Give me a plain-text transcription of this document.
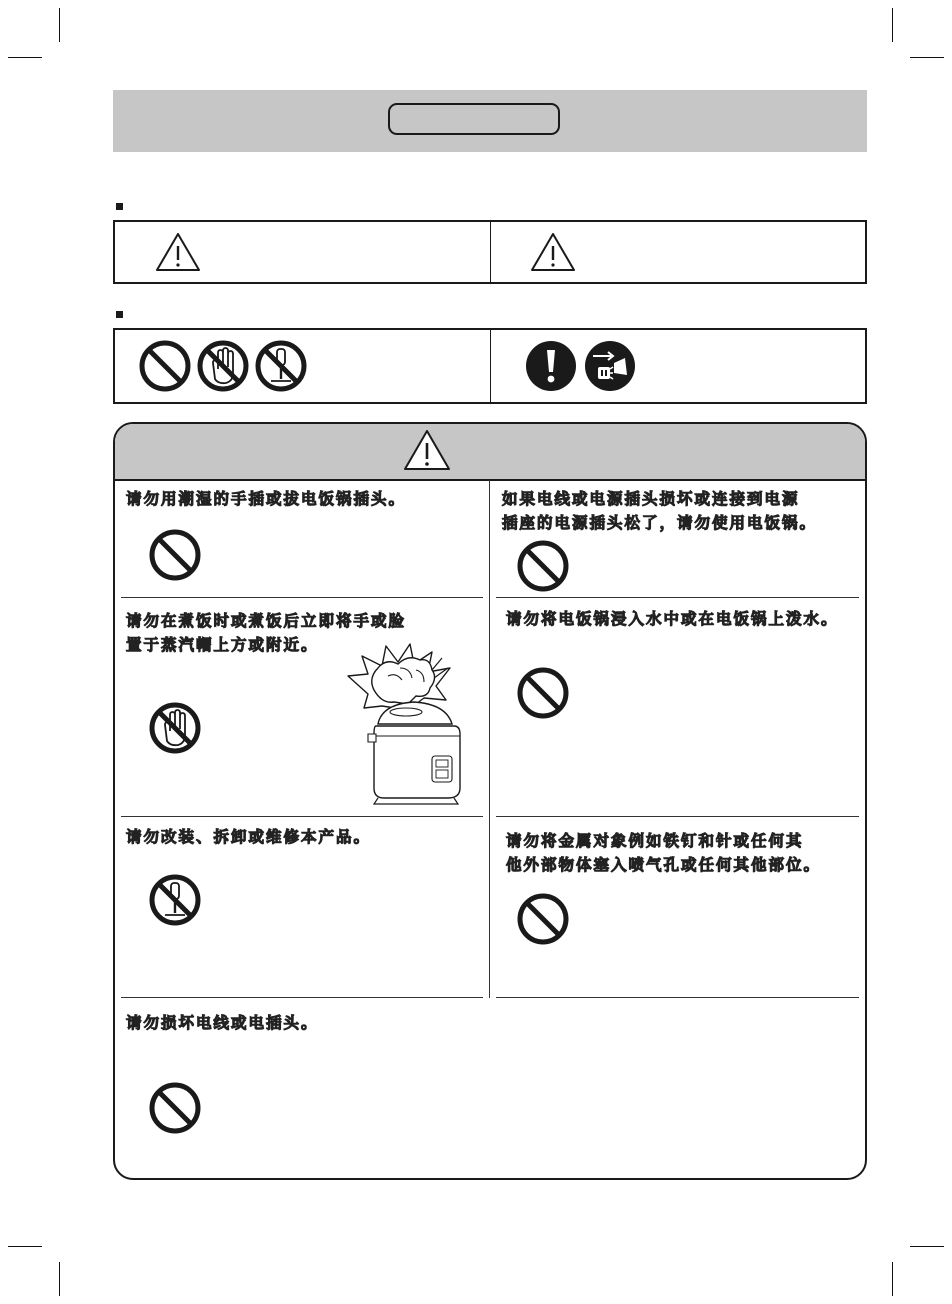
请勿用潮湿的手插或拔电饭锅插头。	如果电线或电源插头损坏或连接到电源
插座的电源插头松了，请勿使用电饭锅。
请勿在煮饭时或煮饭后立即将手或脸
置于蒸汽帽上方或附近。
请勿将电饭锅浸入水中或在电饭锅上泼水。
请勿改装、拆卸或维修本产品。	请勿将金属对象例如铁钉和针或任何其
他外部物体塞入喷气孔或任何其他部位。
请勿损坏电线或电插头。
